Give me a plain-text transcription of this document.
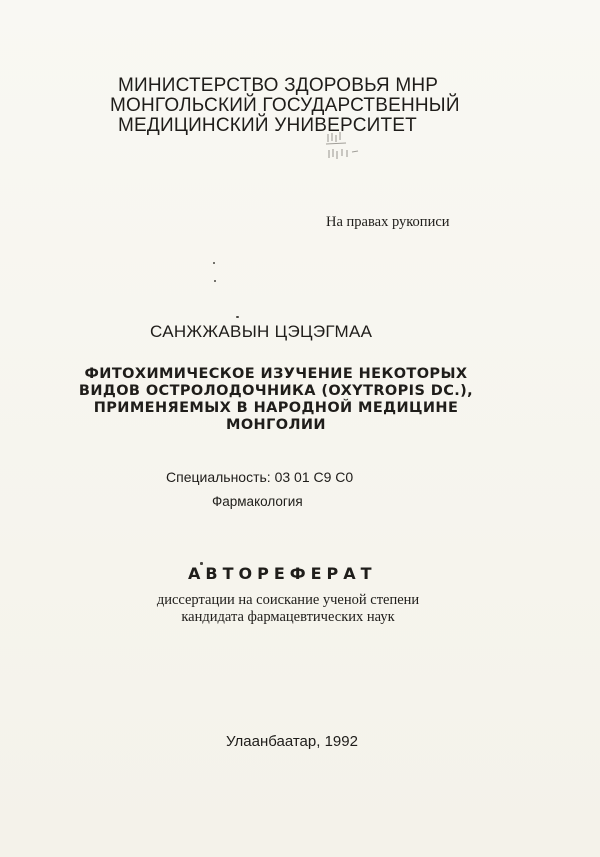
МИНИСТЕРСТВО ЗДОРОВЬЯ МНР
МОНГОЛЬСКИЙ ГОСУДАРСТВЕННЫЙ
МЕДИЦИНСКИЙ УНИВЕРСИТЕТ
На правах рукописи
САНЖЖАВЫН ЦЭЦЭГМАА
ФИТОХИМИЧЕСКОЕ ИЗУЧЕНИЕ НЕКОТОРЫХ
ВИДОВ ОСТРОЛОДОЧНИКА (OXYTROPIS DC.),
ПРИМЕНЯЕМЫХ В НАРОДНОЙ МЕДИЦИНЕ
МОНГОЛИИ
Специальность: 03 01 C9 C0
Фармакология
АВТОРЕФЕРАТ
диссертации на соискание ученой степени
кандидата фармацевтических наук
Улаанбаатар, 1992
